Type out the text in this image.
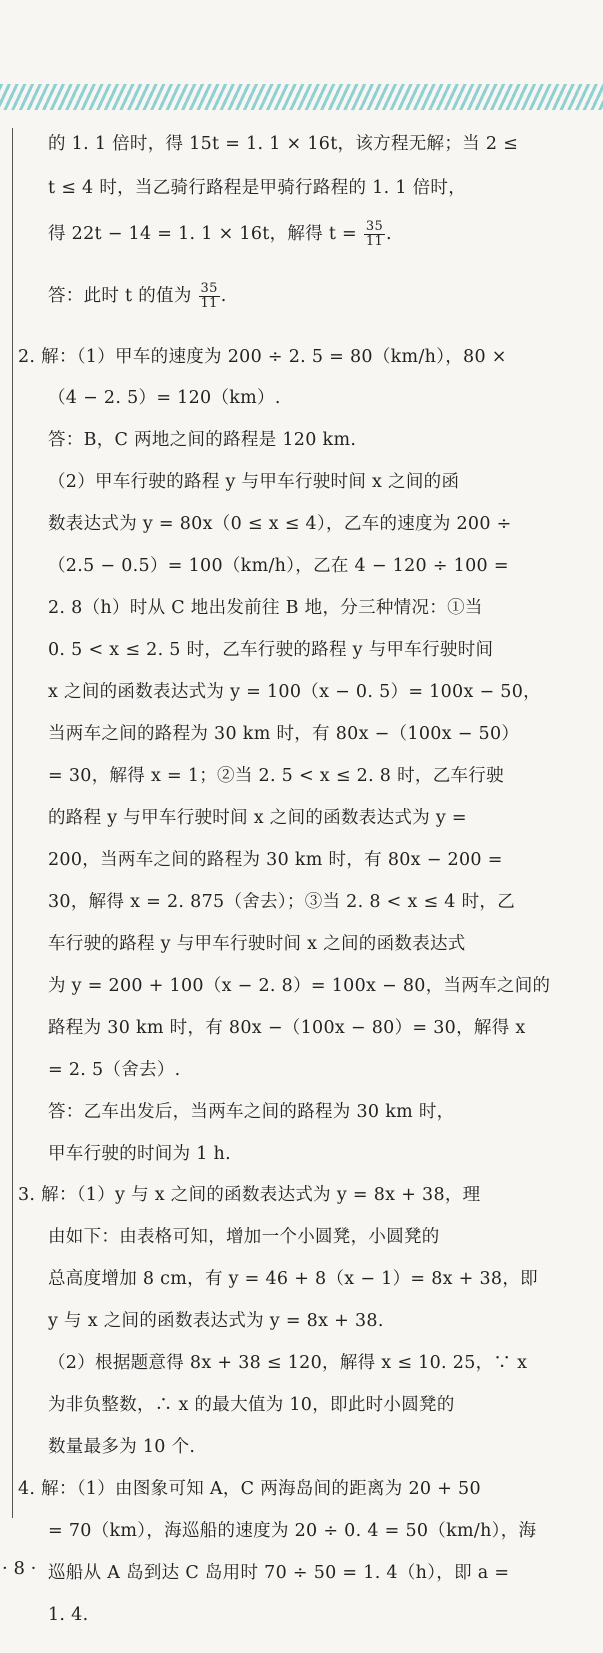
的 1. 1 倍时，得 15t = 1. 1 × 16t，该方程无解；当 2 ≤
t ≤ 4 时，当乙骑行路程是甲骑行路程的 1. 1 倍时，
得 22t − 14 = 1. 1 × 16t，解得 $t = \frac{35}{11}$ .
答：此时 t 的值为 $\frac{35}{11}$ .
2. 解：（1）甲车的速度为 200 ÷ 2. 5 = 80（km/h），80 ×
（4 − 2. 5）= 120（km）.
答：B，C 两地之间的路程是 120 km.
（2）甲车行驶的路程 y 与甲车行驶时间 x 之间的函
数表达式为 y = 80x（0 ≤ x ≤ 4），乙车的速度为 200 ÷
（2.5 − 0.5）= 100（km/h），乙在 4 − 120 ÷ 100 =
2. 8（h）时从 C 地出发前往 B 地，分三种情况：①当
0. 5 < x ≤ 2. 5 时，乙车行驶的路程 y 与甲车行驶时间
x 之间的函数表达式为 y = 100（x − 0. 5）= 100x − 50，
当两车之间的路程为 30 km 时，有 80x −（100x − 50）
= 30，解得 x = 1；②当 2. 5 < x ≤ 2. 8 时，乙车行驶
的路程 y 与甲车行驶时间 x 之间的函数表达式为 y =
200，当两车之间的路程为 30 km 时，有 80x − 200 =
30，解得 x = 2. 875（舍去）；③当 2. 8 < x ≤ 4 时，乙
车行驶的路程 y 与甲车行驶时间 x 之间的函数表达式
为 y = 200 + 100（x − 2. 8）= 100x − 80，当两车之间的
路程为 30 km 时，有 80x −（100x − 80）= 30，解得 x
= 2. 5（舍去）.
答：乙车出发后，当两车之间的路程为 30 km 时，
甲车行驶的时间为 1 h.
3. 解：（1）y 与 x 之间的函数表达式为 y = 8x + 38，理
由如下：由表格可知，增加一个小圆凳，小圆凳的
总高度增加 8 cm，有 y = 46 + 8（x − 1）= 8x + 38，即
y 与 x 之间的函数表达式为 y = 8x + 38.
（2）根据题意得 8x + 38 ≤ 120，解得 x ≤ 10. 25，∵ x
为非负整数，∴ x 的最大值为 10，即此时小圆凳的
数量最多为 10 个.
4. 解：（1）由图象可知 A，C 两海岛间的距离为 20 + 50
= 70（km），海巡船的速度为 20 ÷ 0. 4 = 50（km/h），海
巡船从 A 岛到达 C 岛用时 70 ÷ 50 = 1. 4（h），即 a =
1. 4.
· 8 ·
